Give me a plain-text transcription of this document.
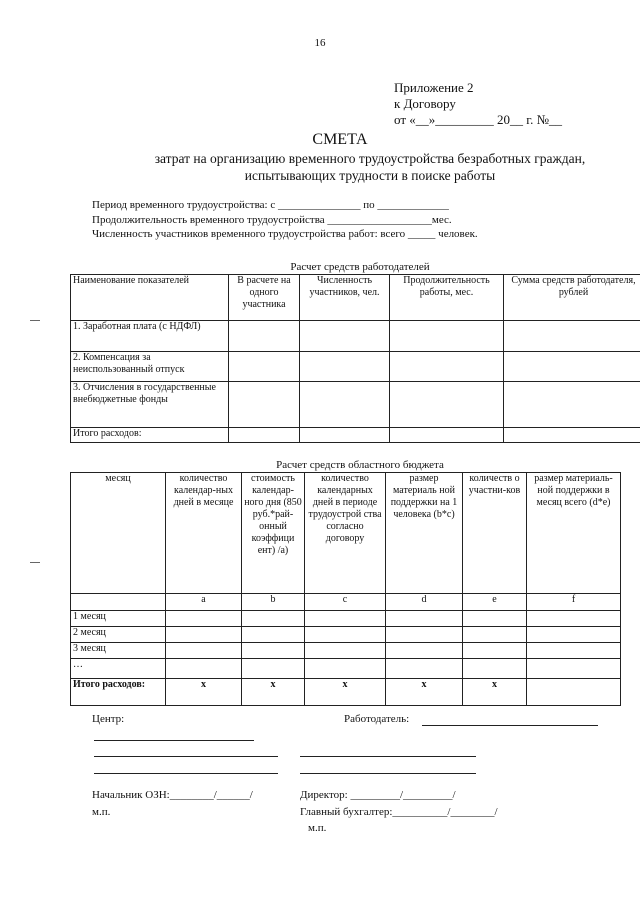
16
Приложение 2
к Договору
от «__»_________ 20__ г. №__
СМЕТА
затрат на организацию временного трудоустройства безработных граждан,
испытывающих трудности в поиске работы
Период временного трудоустройства: с _______________ по _____________
Продолжительность временного трудоустройства ___________________мес.
Численность участников временного трудоустройства работ: всего _____ человек.
Расчет средств работодателей
Наименование показателей	В расчете на одного участника	Численность участников, чел.	Продолжительность работы, мес.	Сумма средств работодателя, рублей
1. Заработная плата (с НДФЛ)				
2. Компенсация за неиспользованный отпуск				
3. Отчисления в государственные внебюджетные фонды				
Итого расходов:				
Расчет средств областного бюджета
месяц	количество календар-ных дней в месяце	стоимость календар-ного дня (850 руб.*рай-онный коэффици ент) /а)	количество календарных дней в периоде трудоустрой ства согласно договору	размер материаль ной поддержки на 1 человека (b*c)	количеств о участни-ков	размер материаль-ной поддержки в месяц всего (d*e)
	a	b	c	d	e	f
1 месяц						
2 месяц						
3 месяц						
…						
Итого расходов:	x	x	x	x	x	
Центр:	Работодатель:
Начальник ОЗН:________/______/
м.п.
Директор: _________/_________/
Главный бухгалтер:__________/________/
м.п.
